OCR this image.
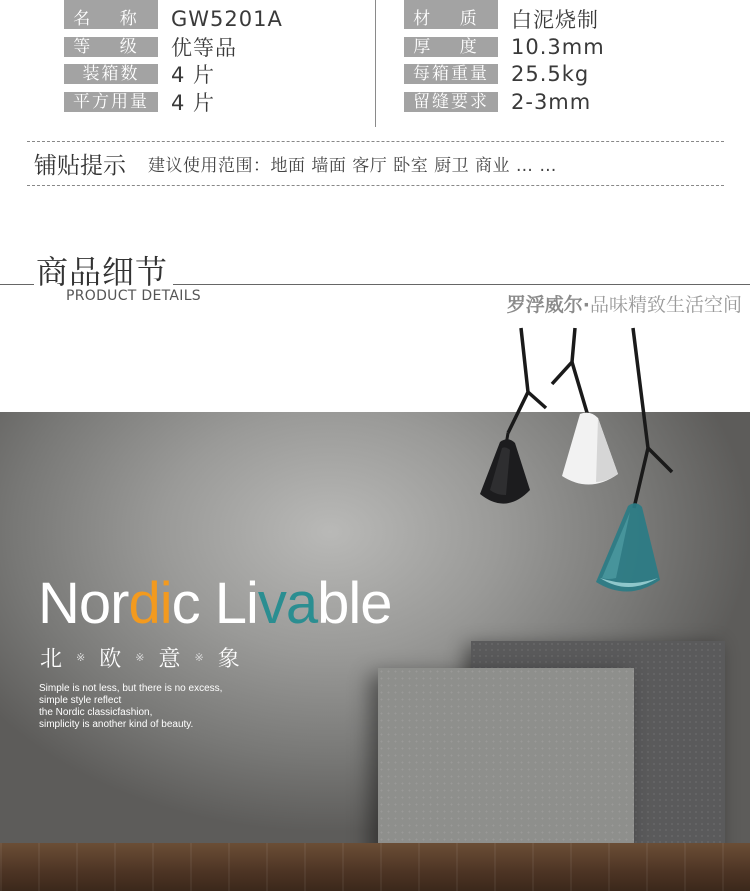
名 称	GW5201A
等 级	优等品
装箱数	4 片
平方用量	4 片
材 质	白泥烧制
厚 度	10.3mm
每箱重量	25.5kg
留缝要求	2-3mm
铺贴提示 建议使用范围：地面 墙面 客厅 卧室 厨卫 商业 … …
商品细节
PRODUCT DETAILS	罗浮威尔·品味精致生活空间
Nordic Livable
北 ※ 欧 ※ 意 ※ 象
Simple is not less, but there is no excess,
simple style reflect
the Nordic classicfashion,
simplicity is another kind of beauty.
